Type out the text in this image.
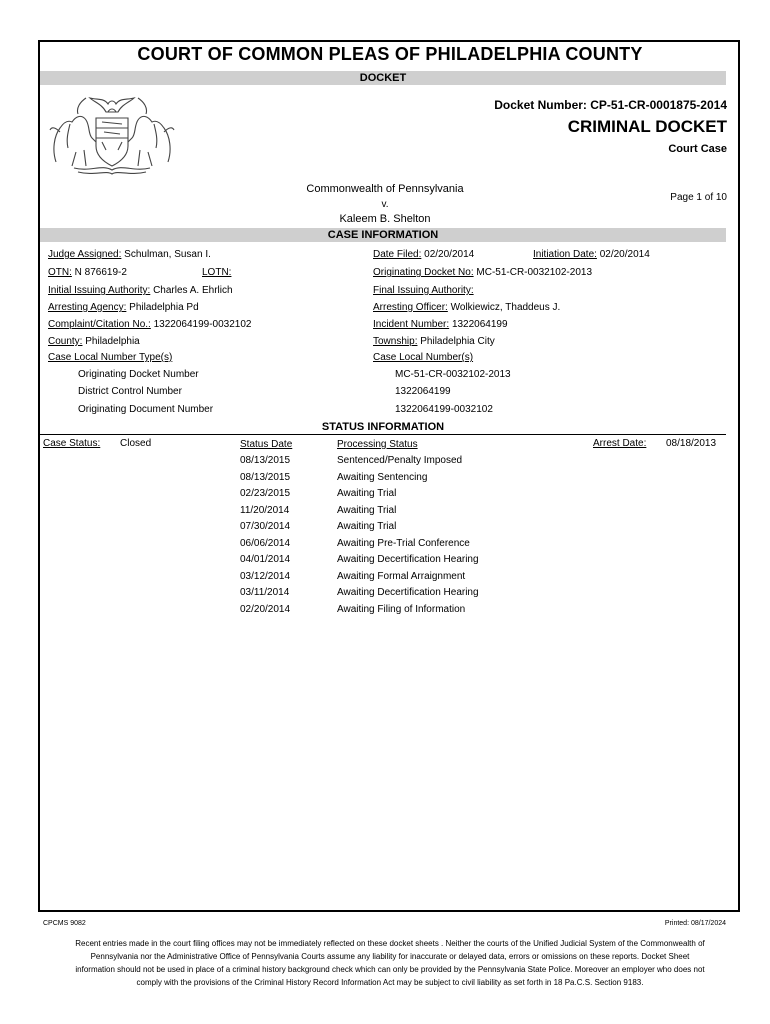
COURT OF COMMON PLEAS OF PHILADELPHIA COUNTY
DOCKET
Docket Number: CP-51-CR-0001875-2014
CRIMINAL DOCKET
Court Case
Commonwealth of Pennsylvania
v.
Kaleem B. Shelton
Page 1 of 10
CASE INFORMATION
Judge Assigned: Schulman, Susan I.	Date Filed: 02/20/2014	Initiation Date: 02/20/2014
OTN: N 876619-2	LOTN:	Originating Docket No: MC-51-CR-0032102-2013
Initial Issuing Authority: Charles A. Ehrlich	Final Issuing Authority:
Arresting Agency: Philadelphia Pd	Arresting Officer: Wolkiewicz, Thaddeus J.
Complaint/Citation No.: 1322064199-0032102	Incident Number: 1322064199
County: Philadelphia	Township: Philadelphia City
Case Local Number Type(s)	Case Local Number(s)
Originating Docket Number	MC-51-CR-0032102-2013
District Control Number	1322064199
Originating Document Number	1322064199-0032102
STATUS INFORMATION
Case Status: Closed	Status Date	Processing Status	Arrest Date: 08/18/2013
08/13/2015	Sentenced/Penalty Imposed
08/13/2015	Awaiting Sentencing
02/23/2015	Awaiting Trial
11/20/2014	Awaiting Trial
07/30/2014	Awaiting Trial
06/06/2014	Awaiting Pre-Trial Conference
04/01/2014	Awaiting Decertification Hearing
03/12/2014	Awaiting Formal Arraignment
03/11/2014	Awaiting Decertification Hearing
02/20/2014	Awaiting Filing of Information
CPCMS 9082	Printed: 08/17/2024
Recent entries made in the court filing offices may not be immediately reflected on these docket sheets . Neither the courts of the Unified Judicial System of the Commonwealth of Pennsylvania nor the Administrative Office of Pennsylvania Courts assume any liability for inaccurate or delayed data, errors or omissions on these reports. Docket Sheet information should not be used in place of a criminal history background check which can only be provided by the Pennsylvania State Police. Moreover an employer who does not comply with the provisions of the Criminal History Record Information Act may be subject to civil liability as set forth in 18 Pa.C.S. Section 9183.
